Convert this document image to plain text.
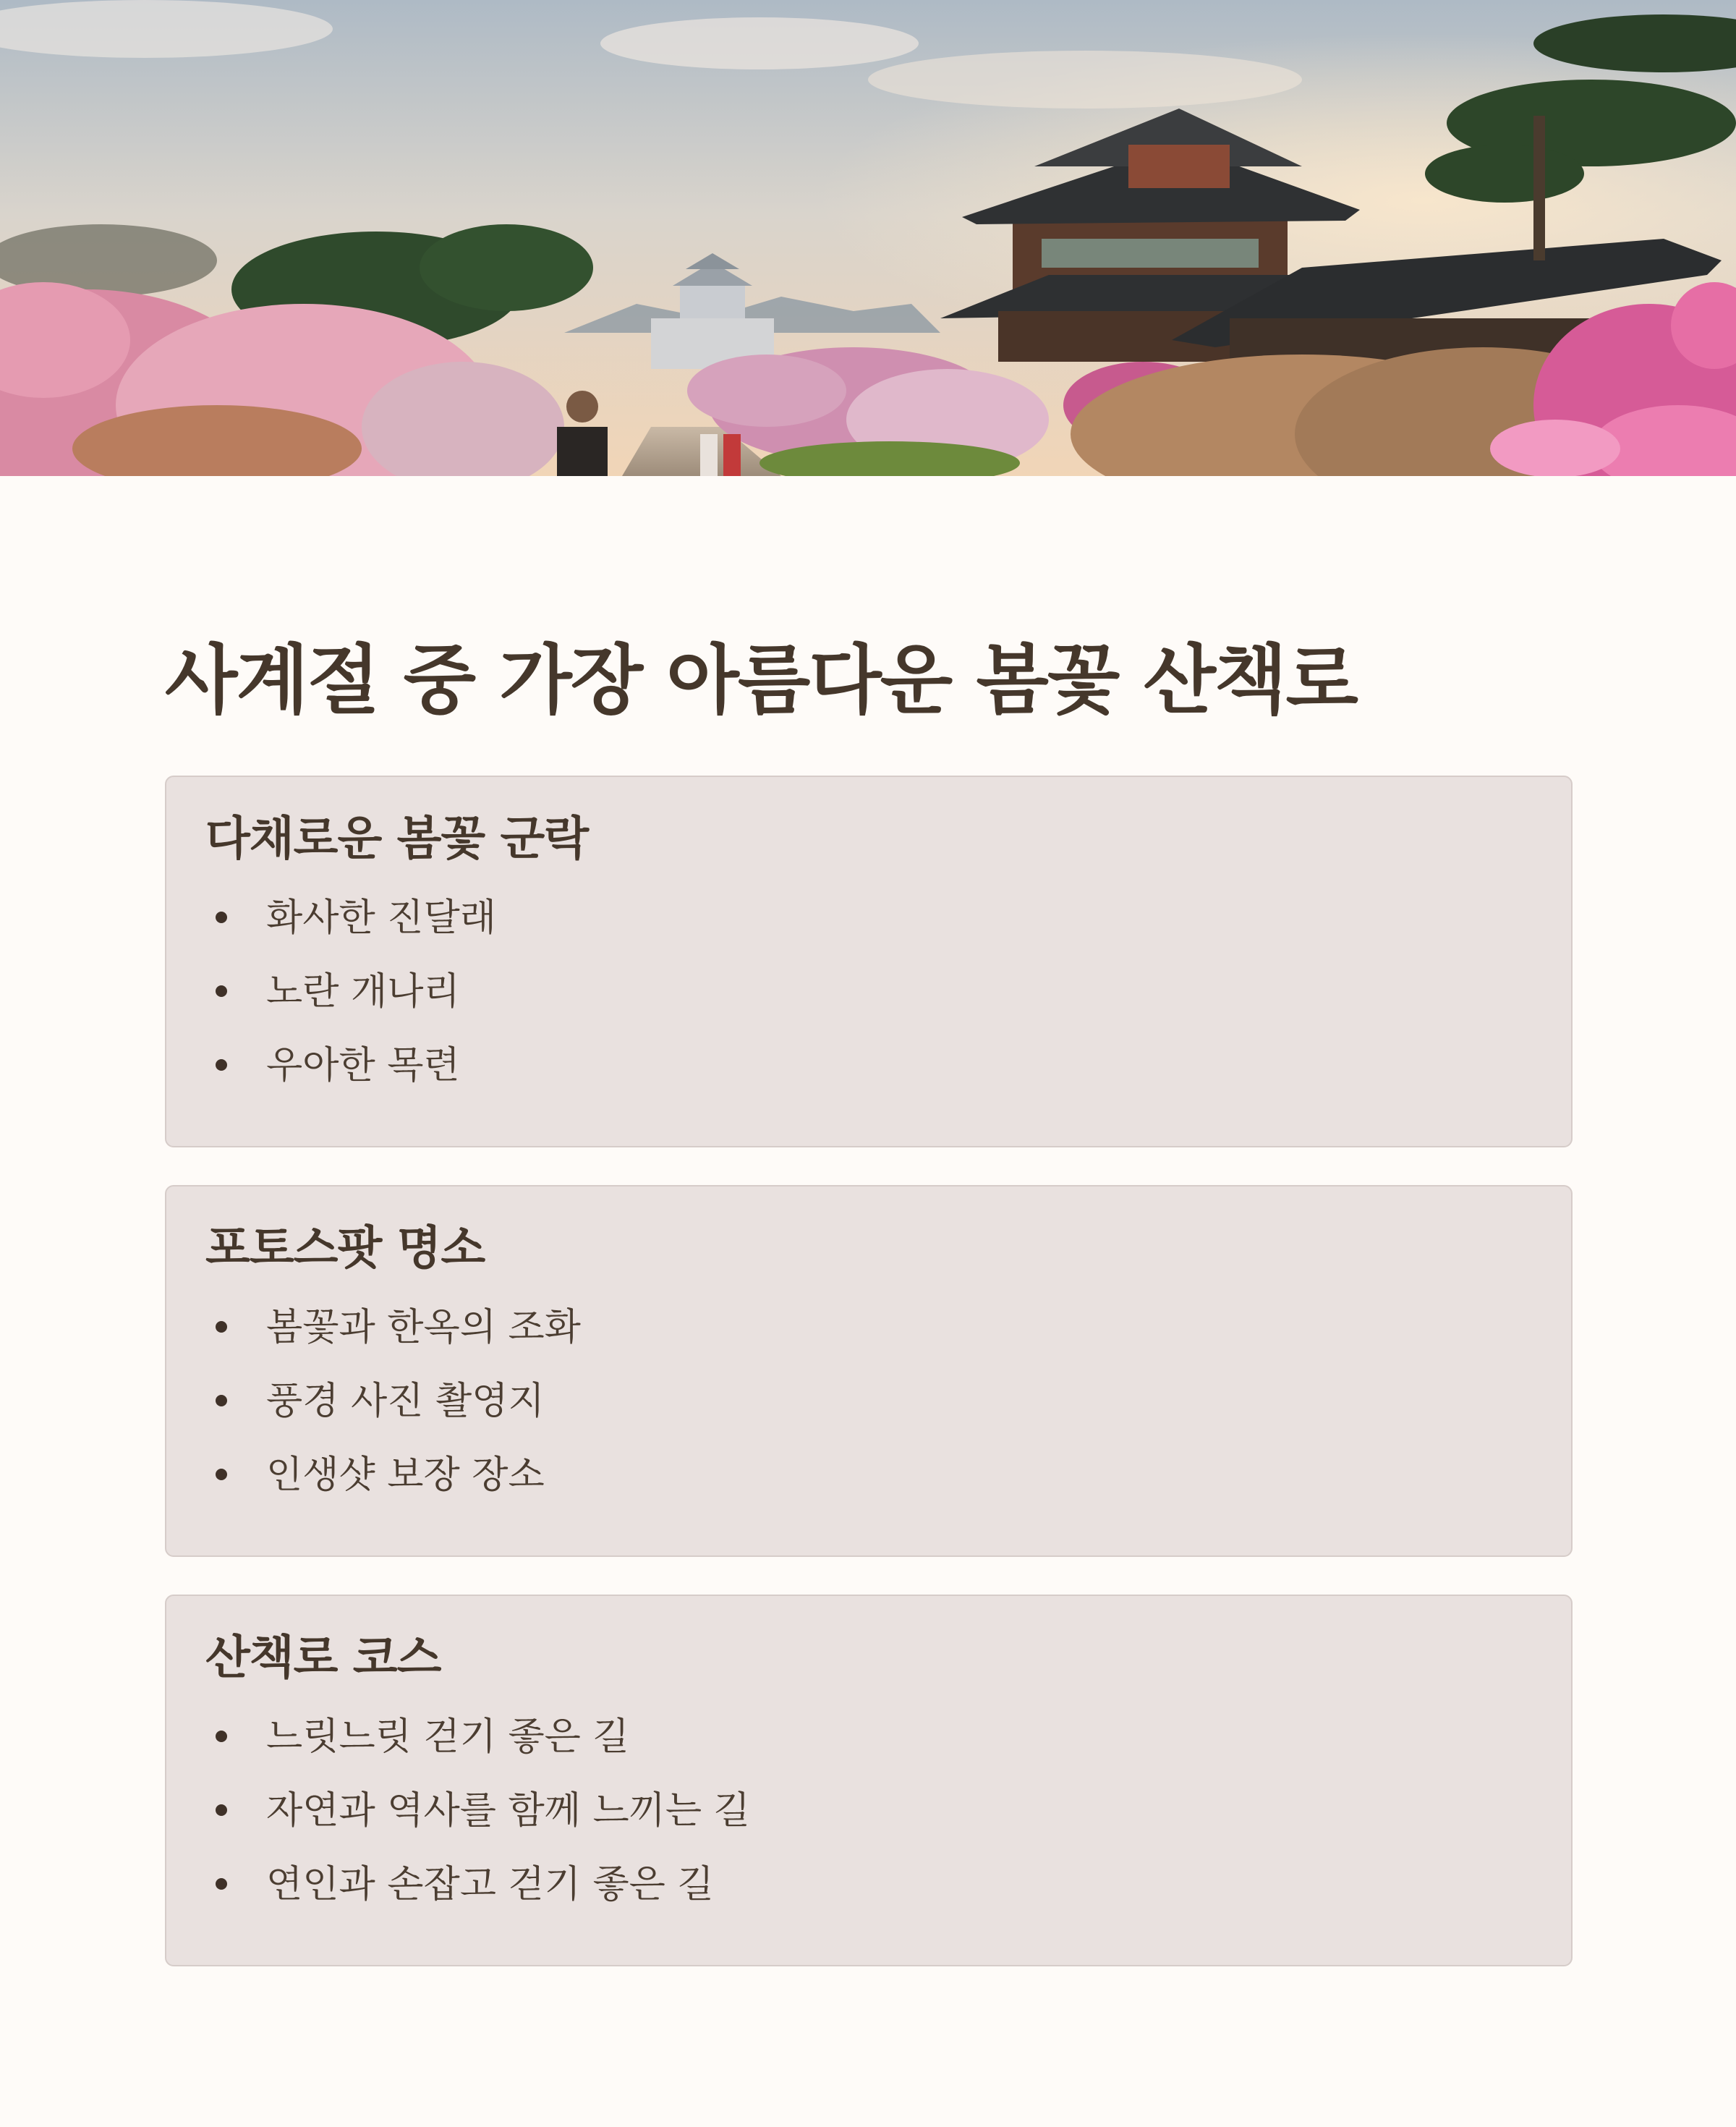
사계절 중 가장 아름다운 봄꽃 산책로
다채로운 봄꽃 군락
화사한 진달래
노란 개나리
우아한 목련
포토스팟 명소
봄꽃과 한옥의 조화
풍경 사진 촬영지
인생샷 보장 장소
산책로 코스
느릿느릿 걷기 좋은 길
자연과 역사를 함께 느끼는 길
연인과 손잡고 걷기 좋은 길
